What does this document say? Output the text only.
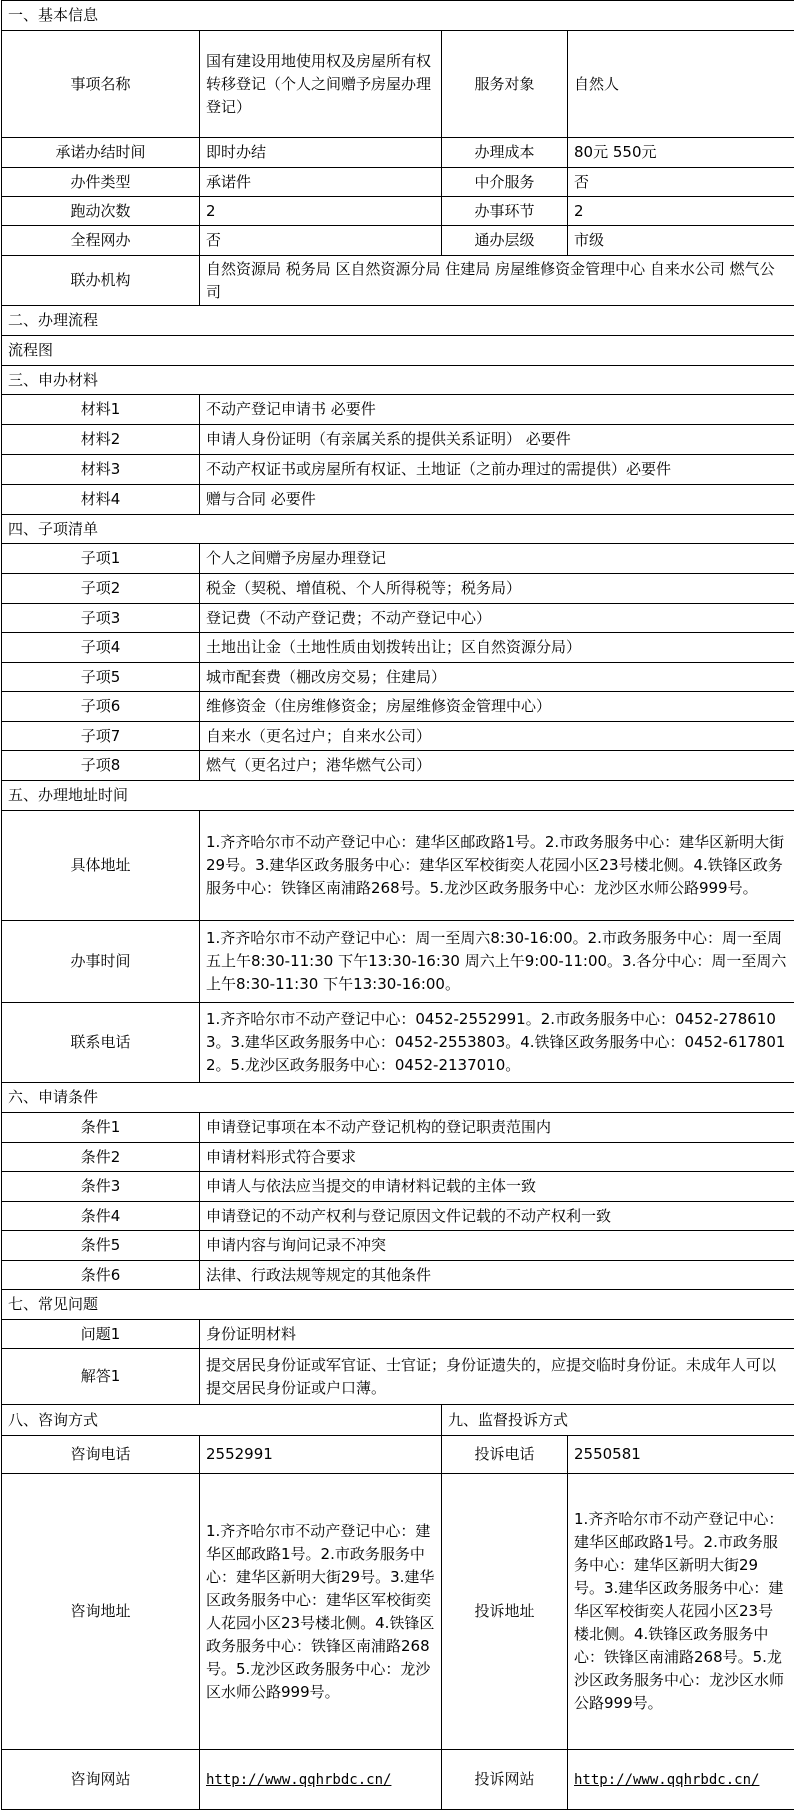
一、基本信息			
事项名称	国有建设用地使用权及房屋所有权转移登记（个人之间赠予房屋办理登记）	服务对象	自然人
承诺办结时间	即时办结	办理成本	80元 550元
办件类型	承诺件	中介服务	否
跑动次数	2	办事环节	2
全程网办	否	通办层级	市级
联办机构	自然资源局 税务局 区自然资源分局 住建局 房屋维修资金管理中心 自来水公司 燃气公司		
二、办理流程			
流程图			
三、申办材料			
材料1	不动产登记申请书 必要件		
材料2	申请人身份证明（有亲属关系的提供关系证明） 必要件		
材料3	不动产权证书或房屋所有权证、土地证（之前办理过的需提供）必要件		
材料4	赠与合同 必要件		
四、子项清单			
子项1	个人之间赠予房屋办理登记		
子项2	税金（契税、增值税、个人所得税等；税务局）		
子项3	登记费（不动产登记费；不动产登记中心）		
子项4	土地出让金（土地性质由划拨转出让；区自然资源分局）		
子项5	城市配套费（棚改房交易；住建局）		
子项6	维修资金（住房维修资金；房屋维修资金管理中心）		
子项7	自来水（更名过户；自来水公司）		
子项8	燃气（更名过户；港华燃气公司）		
五、办理地址时间			
具体地址	1.齐齐哈尔市不动产登记中心：建华区邮政路1号。2.市政务服务中心：建华区新明大街29号。3.建华区政务服务中心：建华区军校街奕人花园小区23号楼北侧。4.铁锋区政务服务中心：铁锋区南浦路268号。5.龙沙区政务服务中心：龙沙区水师公路999号。		
办事时间	1.齐齐哈尔市不动产登记中心：周一至周六8:30-16:00。2.市政务服务中心：周一至周五上午8:30-11:30 下午13:30-16:30 周六上午9:00-11:00。3.各分中心：周一至周六上午8:30-11:30 下午13:30-16:00。		
联系电话	1.齐齐哈尔市不动产登记中心：0452-2552991。2.市政务服务中心：0452-2786103。3.建华区政务服务中心：0452-2553803。4.铁锋区政务服务中心：0452-6178012。5.龙沙区政务服务中心：0452-2137010。		
六、申请条件			
条件1	申请登记事项在本不动产登记机构的登记职责范围内		
条件2	申请材料形式符合要求		
条件3	申请人与依法应当提交的申请材料记载的主体一致		
条件4	申请登记的不动产权利与登记原因文件记载的不动产权利一致		
条件5	申请内容与询问记录不冲突		
条件6	法律、行政法规等规定的其他条件		
七、常见问题			
问题1	身份证明材料		
解答1	提交居民身份证或军官证、士官证；身份证遗失的，应提交临时身份证。未成年人可以提交居民身份证或户口薄。		
八、咨询方式		九、监督投诉方式	
咨询电话	2552991	投诉电话	2550581
咨询地址	1.齐齐哈尔市不动产登记中心：建华区邮政路1号。2.市政务服务中心：建华区新明大街29号。3.建华区政务服务中心：建华区军校街奕人花园小区23号楼北侧。4.铁锋区政务服务中心：铁锋区南浦路268号。5.龙沙区政务服务中心：龙沙区水师公路999号。	投诉地址	1.齐齐哈尔市不动产登记中心：建华区邮政路1号。2.市政务服务中心：建华区新明大街29号。3.建华区政务服务中心：建华区军校街奕人花园小区23号楼北侧。4.铁锋区政务服务中心：铁锋区南浦路268号。5.龙沙区政务服务中心：龙沙区水师公路999号。
咨询网站	http://www.qqhrbdc.cn/	投诉网站	http://www.qqhrbdc.cn/
